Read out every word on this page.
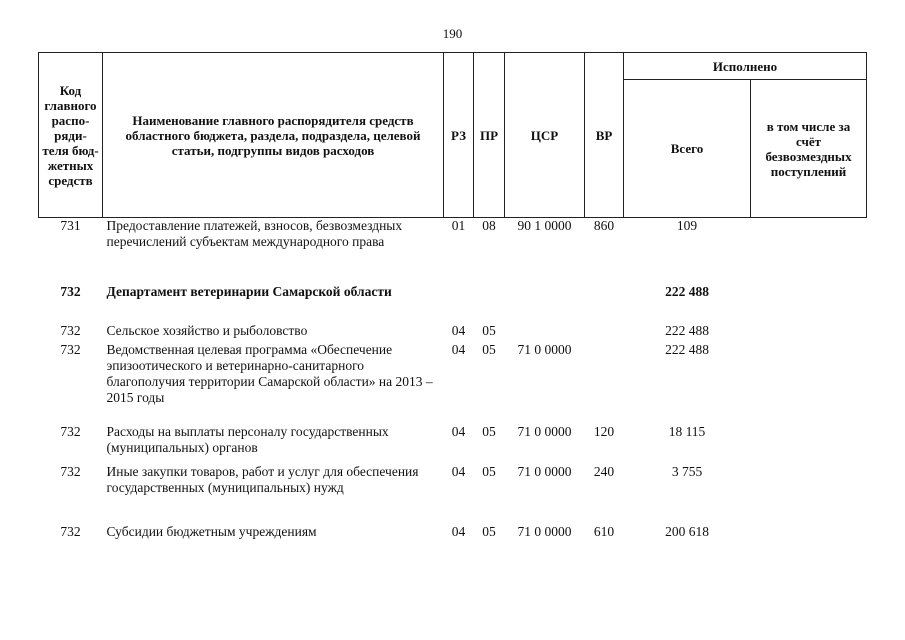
190
Код главного распо-ряди-теля бюд-жетных средств	Наименование главного распорядителя средств областного бюджета, раздела, подраздела, целевой статьи, подгруппы видов расходов	РЗ	ПР	ЦСР	ВР	Исполнено	
						Всего	в том числе за счёт безвозмездных поступлений
731	Предоставление платежей, взносов, безвозмездных перечислений субъектам международного права	01	08	90 1 0000	860	109	
732	Департамент ветеринарии Самарской области					222 488	
732	Сельское хозяйство и рыболовство	04	05			222 488	
732	Ведомственная целевая программа «Обеспечение эпизоотического и ветеринарно-санитарного благополучия территории Самарской области» на 2013 – 2015 годы	04	05	71 0 0000		222 488	
732	Расходы на выплаты персоналу государственных (муниципальных) органов	04	05	71 0 0000	120	18 115	
732	Иные закупки товаров, работ и услуг для обеспечения государственных (муниципальных) нужд	04	05	71 0 0000	240	3 755	
732	Субсидии бюджетным учреждениям	04	05	71 0 0000	610	200 618	
